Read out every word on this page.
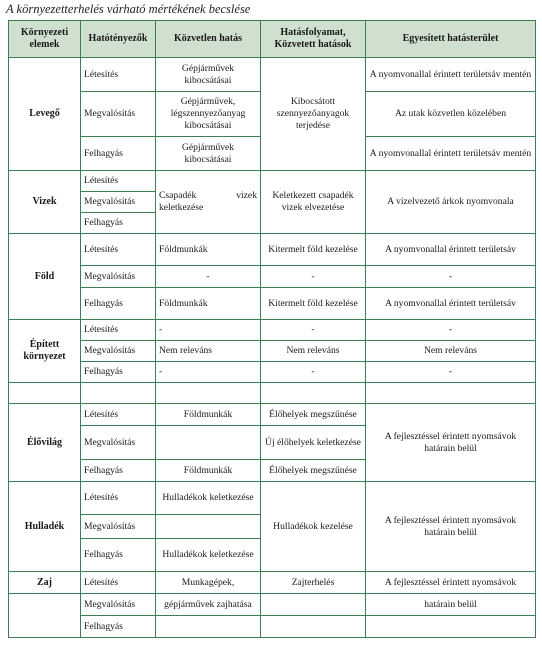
A környezetterhelés várható mértékének becslése
Környezeti elemek	Hatótényezők	Közvetlen hatás	Hatásfolyamat, Közvetett hatások	Egyesített hatásterület
Levegő	Létesítés	Gépjárművek kibocsátásai	Kibocsátott szennyezőanyagok terjedése	A nyomvonallal érintett területsáv mentén
	Megvalósítás	Gépjárművek, légszennyezőanyag kibocsátásai		Az utak közvetlen közelében
	Felhagyás	Gépjárművek kibocsátásai		A nyomvonallal érintett területsáv mentén
Vizek	Létesítés	Csapadék vizek keletkezése	Keletkezett csapadék vizek elvezetése	A vízelvezető árkok nyomvonala
	Megvalósítás			
	Felhagyás			
Föld	Létesítés	Földmunkák	Kitermelt föld kezelése	A nyomvonallal érintett területsáv
	Megvalósítás	-	-	-
	Felhagyás	Földmunkák	Kitermelt föld kezelése	A nyomvonallal érintett területsáv
Épített környezet	Létesítés	-	-	-
	Megvalósítás	Nem releváns	Nem releváns	Nem releváns
	Felhagyás	-	-	-

Élővilág	Létesítés	Földmunkák	Élőhelyek megszűnése	A fejlesztéssel érintett nyomsávok határain belül
	Megvalósítás		Új élőhelyek keletkezése	
	Felhagyás	Földmunkák	Élőhelyek megszűnése	
Hulladék	Létesítés	Hulladékok keletkezése	Hulladékok kezelése	A fejlesztéssel érintett nyomsávok határain belül
	Megvalósítás			
	Felhagyás	Hulladékok keletkezése		
Zaj	Létesítés	Munkagépek,	Zajterhelés	A fejlesztéssel érintett nyomsávok
	Megvalósítás	gépjárművek zajhatása		határain belül
	Felhagyás			
